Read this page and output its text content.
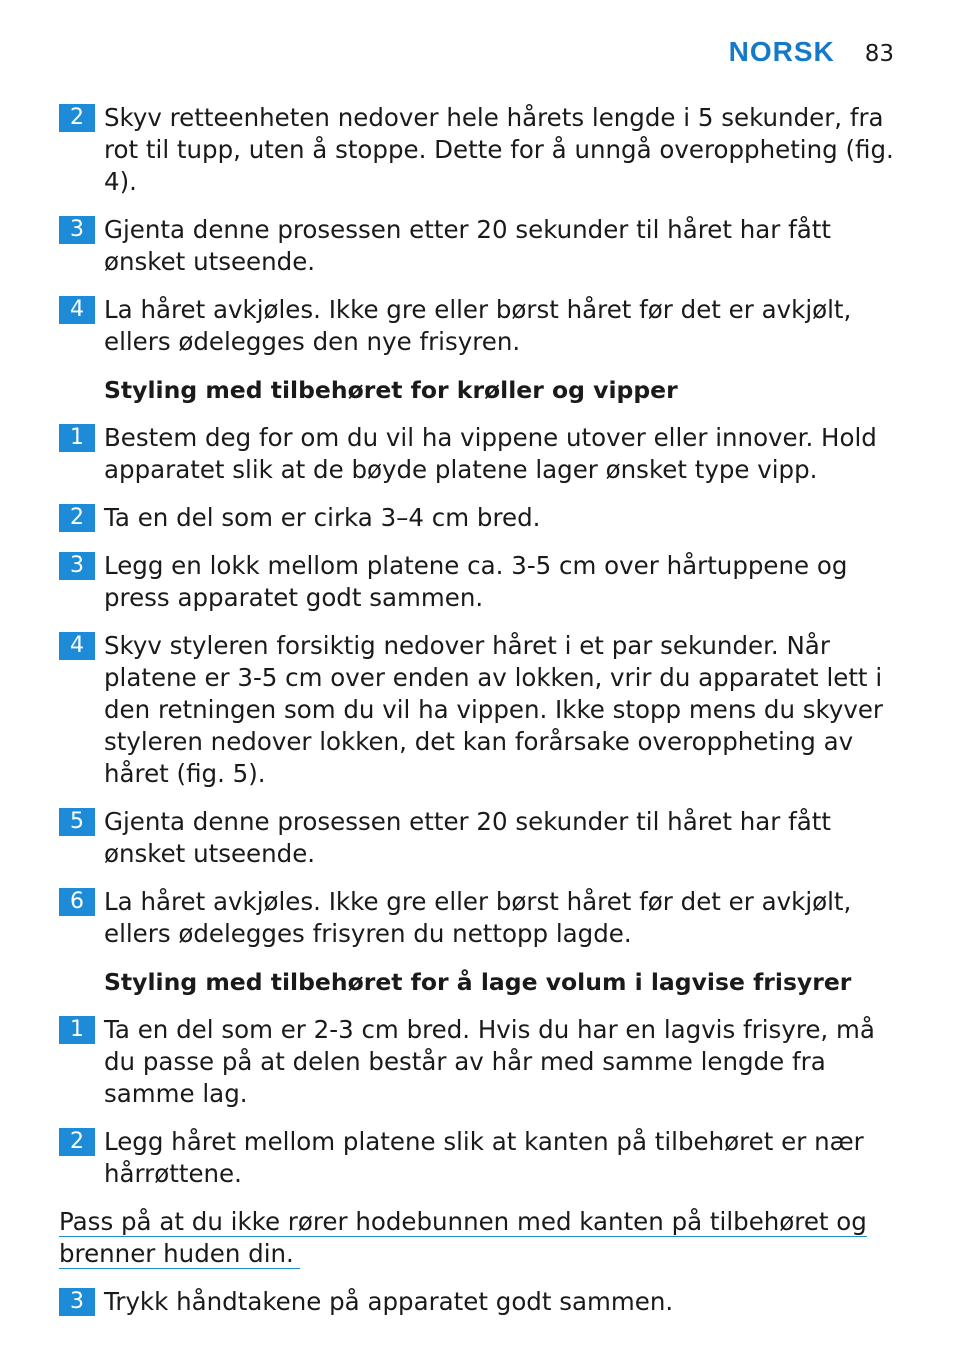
NORSK 83
2 Skyv retteenheten nedover hele hårets lengde i 5 sekunder, fra rot til tupp, uten å stoppe. Dette for å unngå overoppheting (fig. 4).
3 Gjenta denne prosessen etter 20 sekunder til håret har fått ønsket utseende.
4 La håret avkjøles. Ikke gre eller børst håret før det er avkjølt, ellers ødelegges den nye frisyren.
Styling med tilbehøret for krøller og vipper
1 Bestem deg for om du vil ha vippene utover eller innover. Hold apparatet slik at de bøyde platene lager ønsket type vipp.
2 Ta en del som er cirka 3–4 cm bred.
3 Legg en lokk mellom platene ca. 3-5 cm over hårtuppene og press apparatet godt sammen.
4 Skyv styleren forsiktig nedover håret i et par sekunder. Når platene er 3-5 cm over enden av lokken, vrir du apparatet lett i den retningen som du vil ha vippen. Ikke stopp mens du skyver styleren nedover lokken, det kan forårsake overoppheting av håret (fig. 5).
5 Gjenta denne prosessen etter 20 sekunder til håret har fått ønsket utseende.
6 La håret avkjøles. Ikke gre eller børst håret før det er avkjølt, ellers ødelegges frisyren du nettopp lagde.
Styling med tilbehøret for å lage volum i lagvise frisyrer
1 Ta en del som er 2-3 cm bred. Hvis du har en lagvis frisyre, må du passe på at delen består av hår med samme lengde fra samme lag.
2 Legg håret mellom platene slik at kanten på tilbehøret er nær hårrøttene.
Pass på at du ikke rører hodebunnen med kanten på tilbehøret og brenner huden din.
3 Trykk håndtakene på apparatet godt sammen.
